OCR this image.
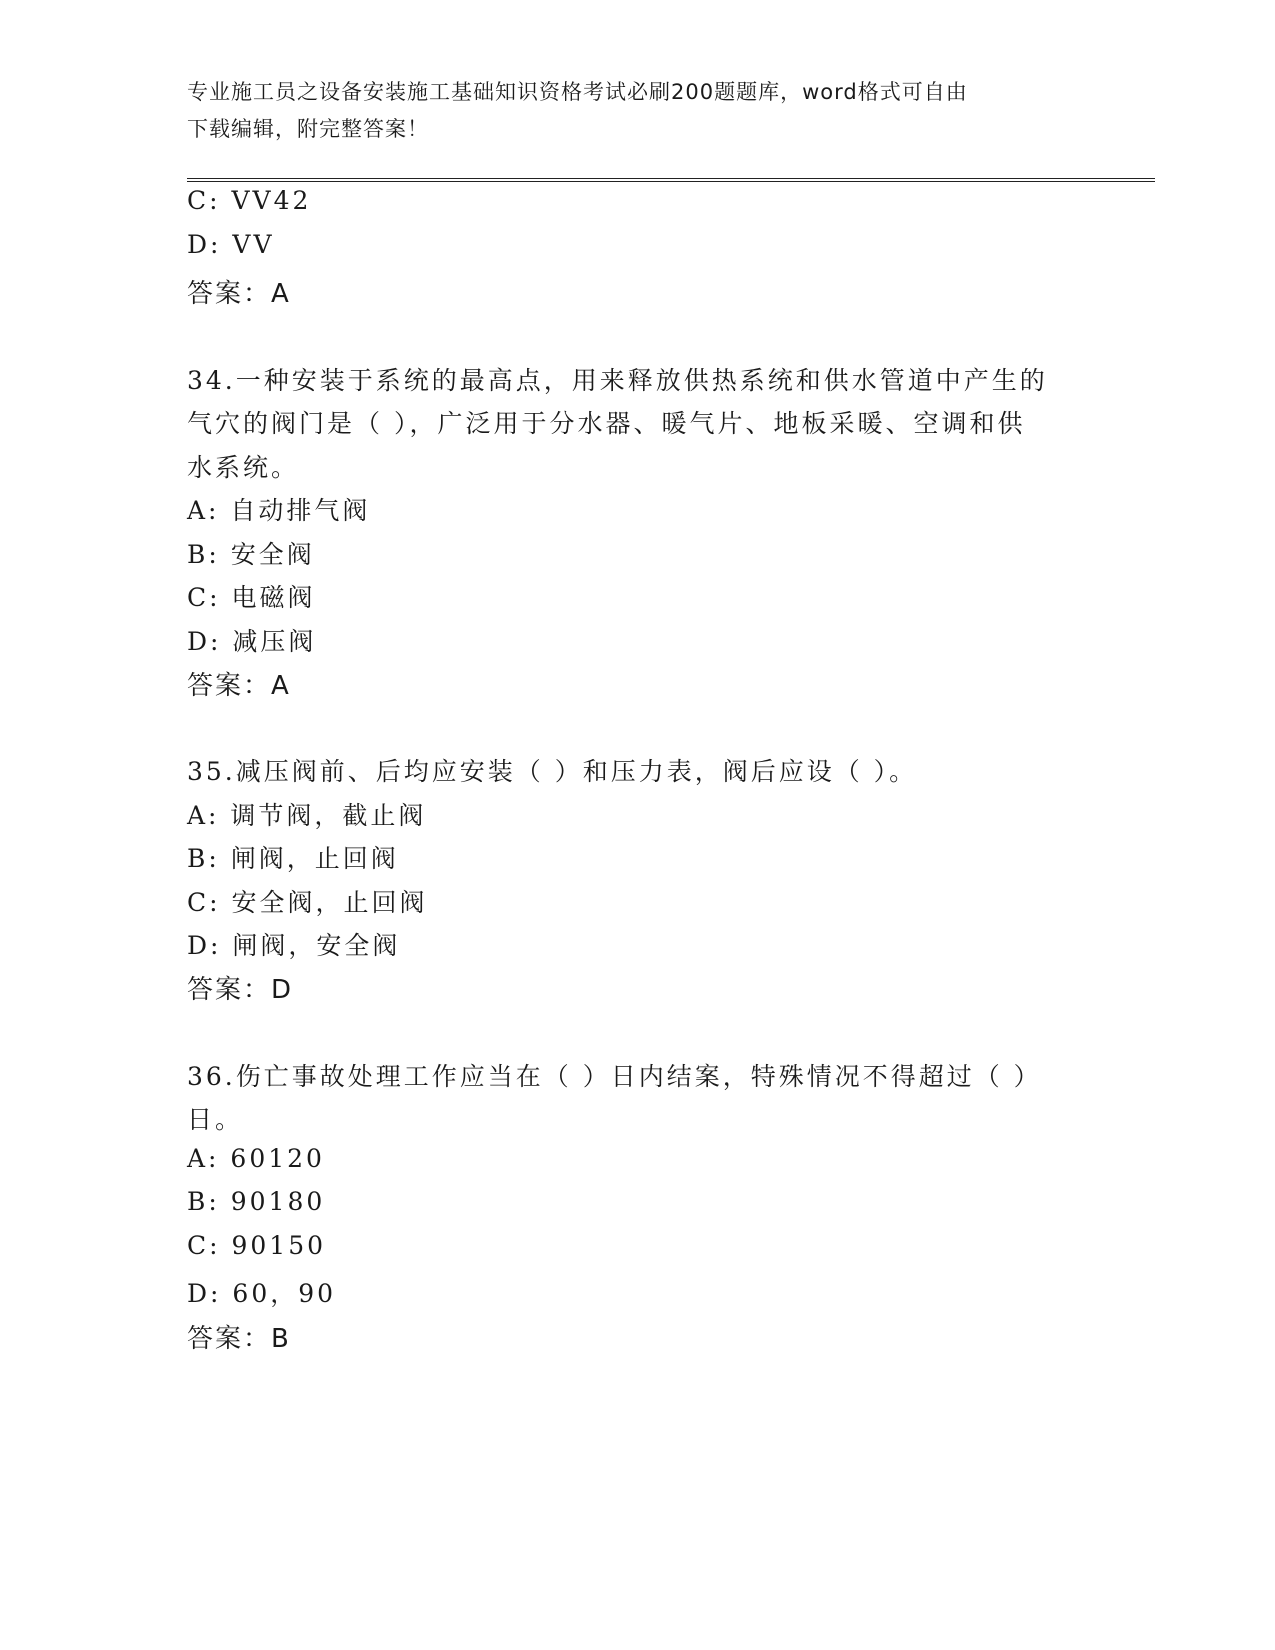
专业施工员之设备安装施工基础知识资格考试必刷200题题库，word格式可自由
下载编辑，附完整答案！
C: VV42
D: VV
答案：A
34.一种安装于系统的最高点，用来释放供热系统和供水管道中产生的
气穴的阀门是（ ），广泛用于分水器、暖气片、地板采暖、空调和供
水系统。
A: 自动排气阀
B: 安全阀
C: 电磁阀
D: 减压阀
答案：A
35.减压阀前、后均应安装（ ）和压力表，阀后应设（ ）。
A: 调节阀，截止阀
B: 闸阀，止回阀
C: 安全阀，止回阀
D: 闸阀，安全阀
答案：D
36.伤亡事故处理工作应当在（ ）日内结案，特殊情况不得超过（ ）
日。
A: 60120
B: 90180
C: 90150
D: 60，90
答案：B
